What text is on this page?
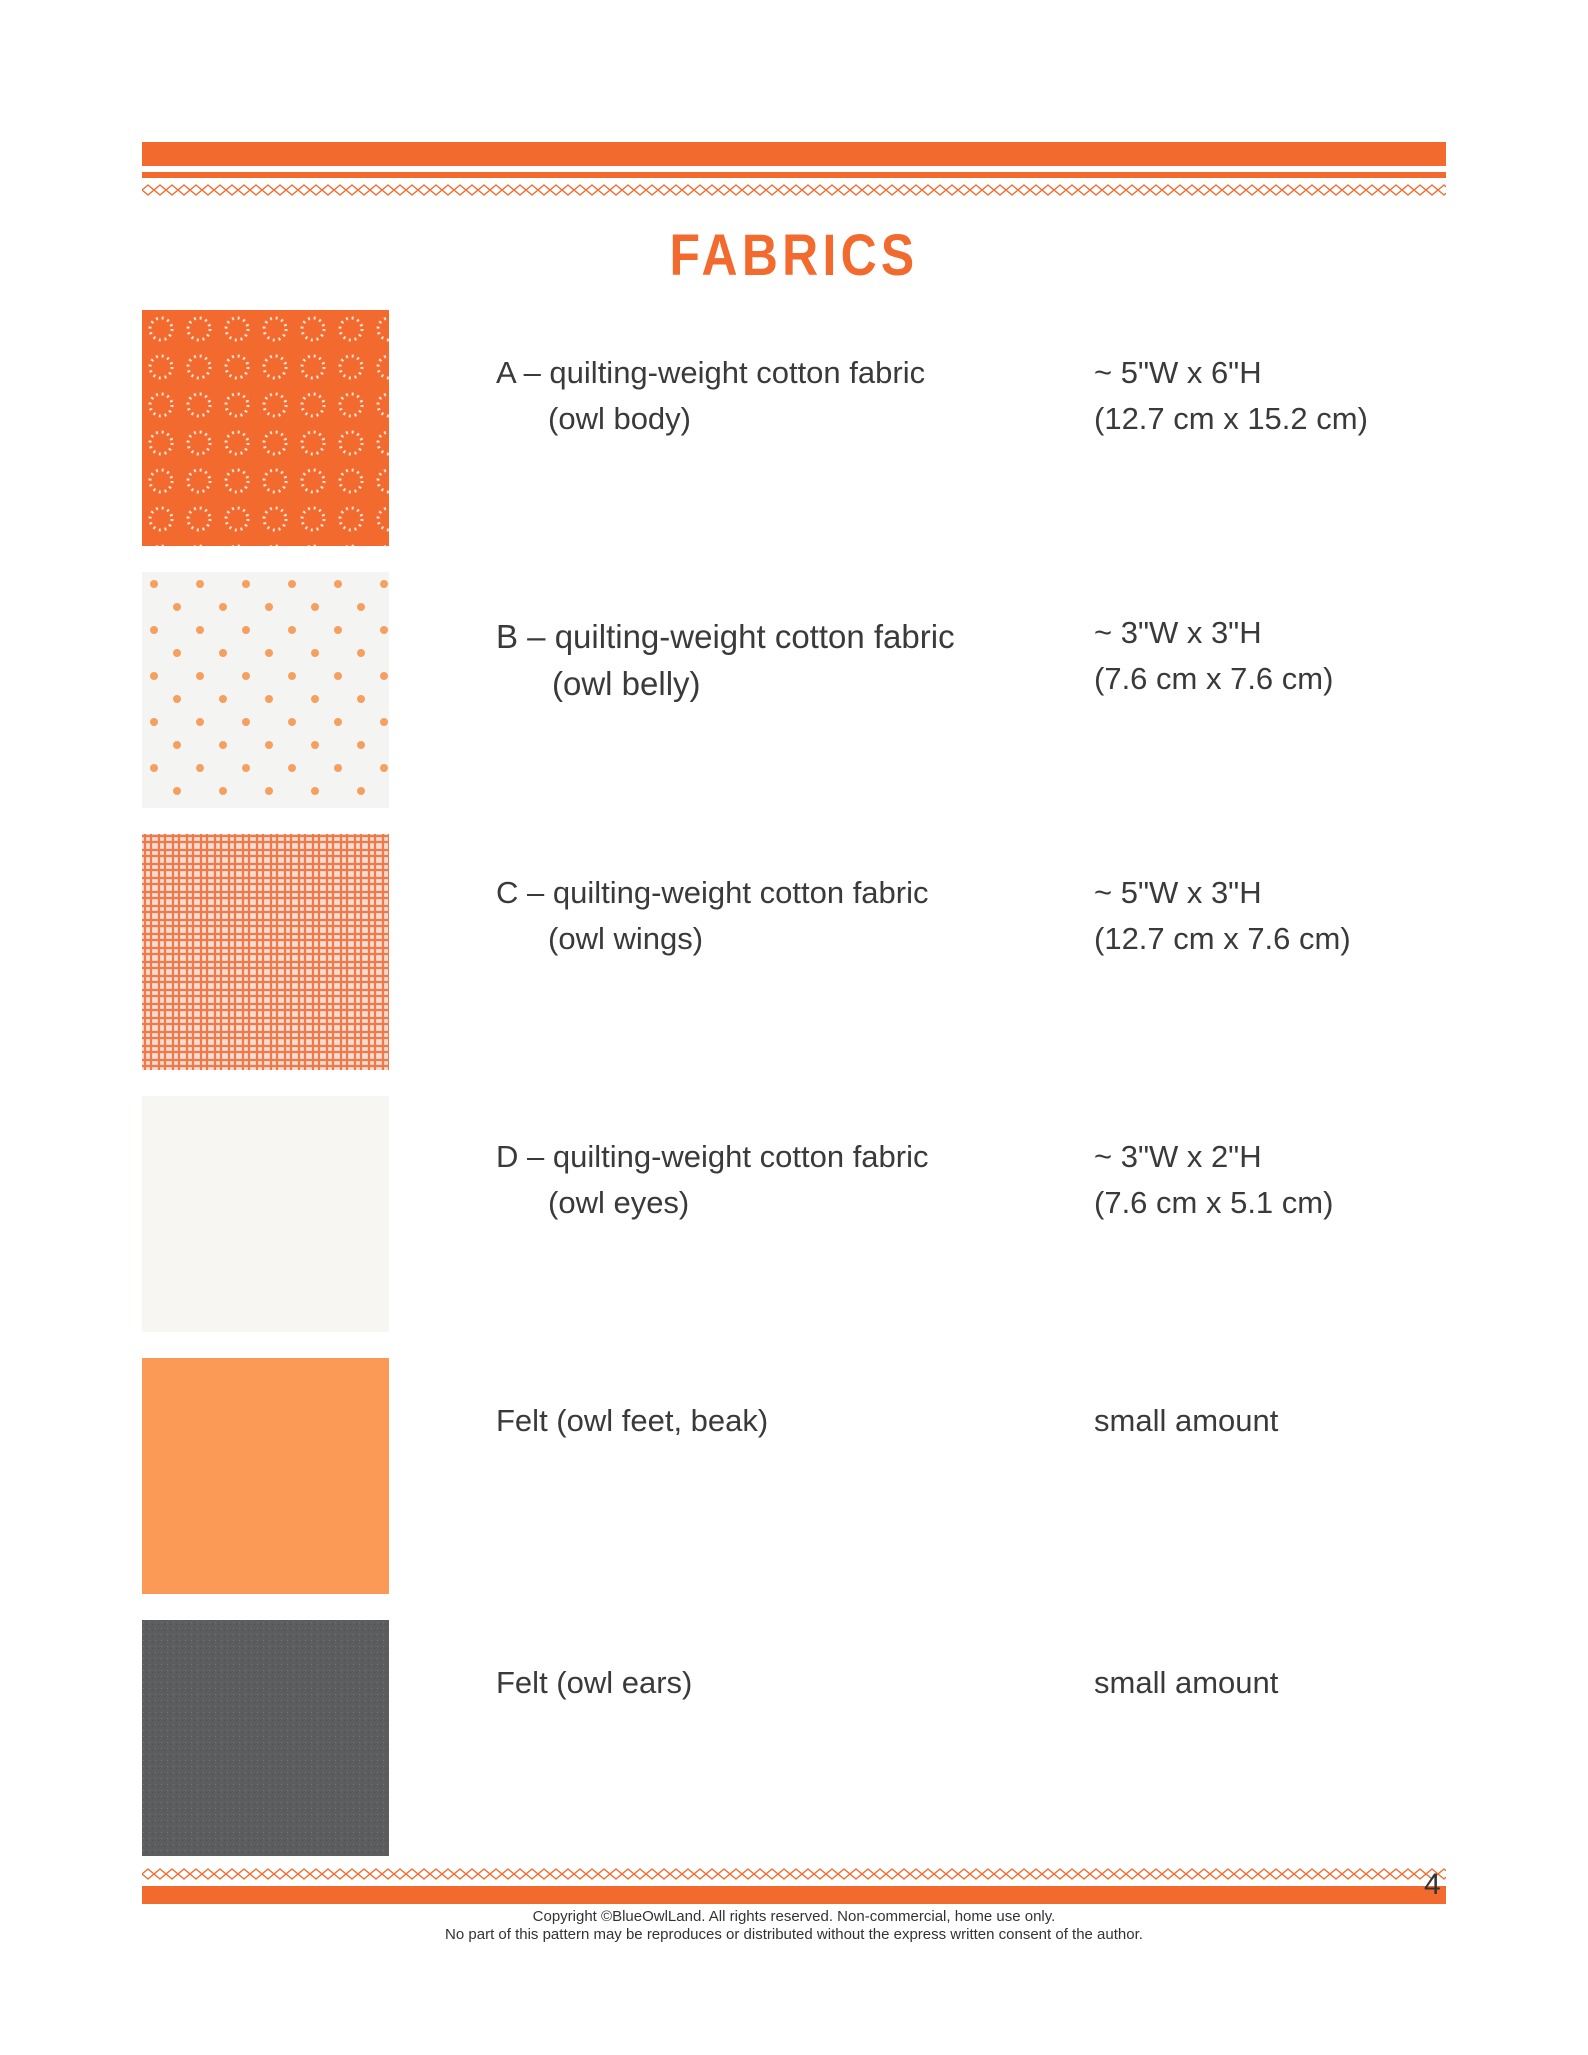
FABRICS
A – quilting-weight cotton fabric
(owl body)
~ 5"W x 6"H
(12.7 cm x 15.2 cm)
B – quilting-weight cotton fabric
(owl belly)
~ 3"W x 3"H
(7.6 cm x 7.6 cm)
C – quilting-weight cotton fabric
(owl wings)
~ 5"W x 3"H
(12.7 cm x 7.6 cm)
D – quilting-weight cotton fabric
(owl eyes)
~ 3"W x 2"H
(7.6 cm x 5.1 cm)
Felt (owl feet, beak)	small amount
Felt (owl ears)	small amount
Copyright ©BlueOwlLand. All rights reserved. Non-commercial, home use only.
No part of this pattern may be reproduces or distributed without the express written consent of the author.
4
